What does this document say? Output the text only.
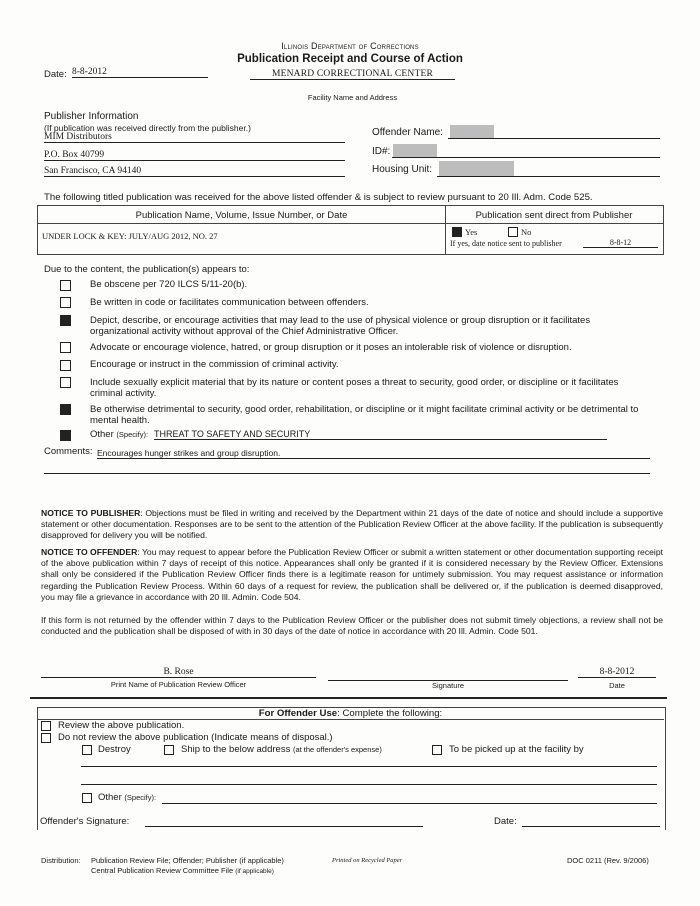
Illinois Department of Corrections
Publication Receipt and Course of Action
MENARD CORRECTIONAL CENTER
Facility Name and Address
Date: 8-8-2012
Publisher Information
(If publication was received directly from the publisher.)
MIM Distributors
P.O. Box 40799
San Francisco, CA 94140
Offender Name:
ID#:
Housing Unit:
The following titled publication was received for the above listed offender & is subject to review pursuant to 20 Ill. Adm. Code 525.
Publication Name, Volume, Issue Number, or Date	Publication sent direct from Publisher
UNDER LOCK & KEY: JULY/AUG 2012, NO. 27	Yes	No
If yes, date notice sent to publisher	8-8-12
Due to the content, the publication(s) appears to:
Be obscene per 720 ILCS 5/11-20(b).
Be written in code or facilitates communication between offenders.
Depict, describe, or encourage activities that may lead to the use of physical violence or group disruption or it facilitates organizational activity without approval of the Chief Administrative Officer.
Advocate or encourage violence, hatred, or group disruption or it poses an intolerable risk of violence or disruption.
Encourage or instruct in the commission of criminal activity.
Include sexually explicit material that by its nature or content poses a threat to security, good order, or discipline or it facilitates criminal activity.
Be otherwise detrimental to security, good order, rehabilitation, or discipline or it might facilitate criminal activity or be detrimental to mental health.
Other (Specify): THREAT TO SAFETY AND SECURITY
Comments: Encourages hunger strikes and group disruption.
NOTICE TO PUBLISHER: Objections must be filed in writing and received by the Department within 21 days of the date of notice and should include a supportive statement or other documentation. Responses are to be sent to the attention of the Publication Review Officer at the above facility. If the publication is subsequently disapproved for delivery you will be notified.
NOTICE TO OFFENDER: You may request to appear before the Publication Review Officer or submit a written statement or other documentation supporting receipt of the above publication within 7 days of receipt of this notice. Appearances shall only be granted if it is considered necessary by the Review Officer. Extensions shall only be considered if the Publication Review Officer finds there is a legitimate reason for untimely submission. You may request assistance or information regarding the Publication Review Process. Within 60 days of a request for review, the publication shall be delivered or, if the publication is deemed disapproved, you may file a grievance in accordance with 20 Ill. Admin. Code 504.
If this form is not returned by the offender within 7 days to the Publication Review Officer or the publisher does not submit timely objections, a review shall not be conducted and the publication shall be disposed of with in 30 days of the date of notice in accordance with 20 Ill. Admin. Code 501.
B. Rose
Print Name of Publication Review Officer	Signature
8-8-2012
Date
For Offender Use: Complete the following:
Review the above publication.
Do not review the above publication (Indicate means of disposal.)
Destroy	Ship to the below address (at the offender's expense)	To be picked up at the facility by
Other (Specify):
Offender's Signature:	Date:
Distribution: Publication Review File; Offender; Publisher (if applicable)
Central Publication Review Committee File (if applicable)
Printed on Recycled Paper	DOC 0211 (Rev. 9/2006)
